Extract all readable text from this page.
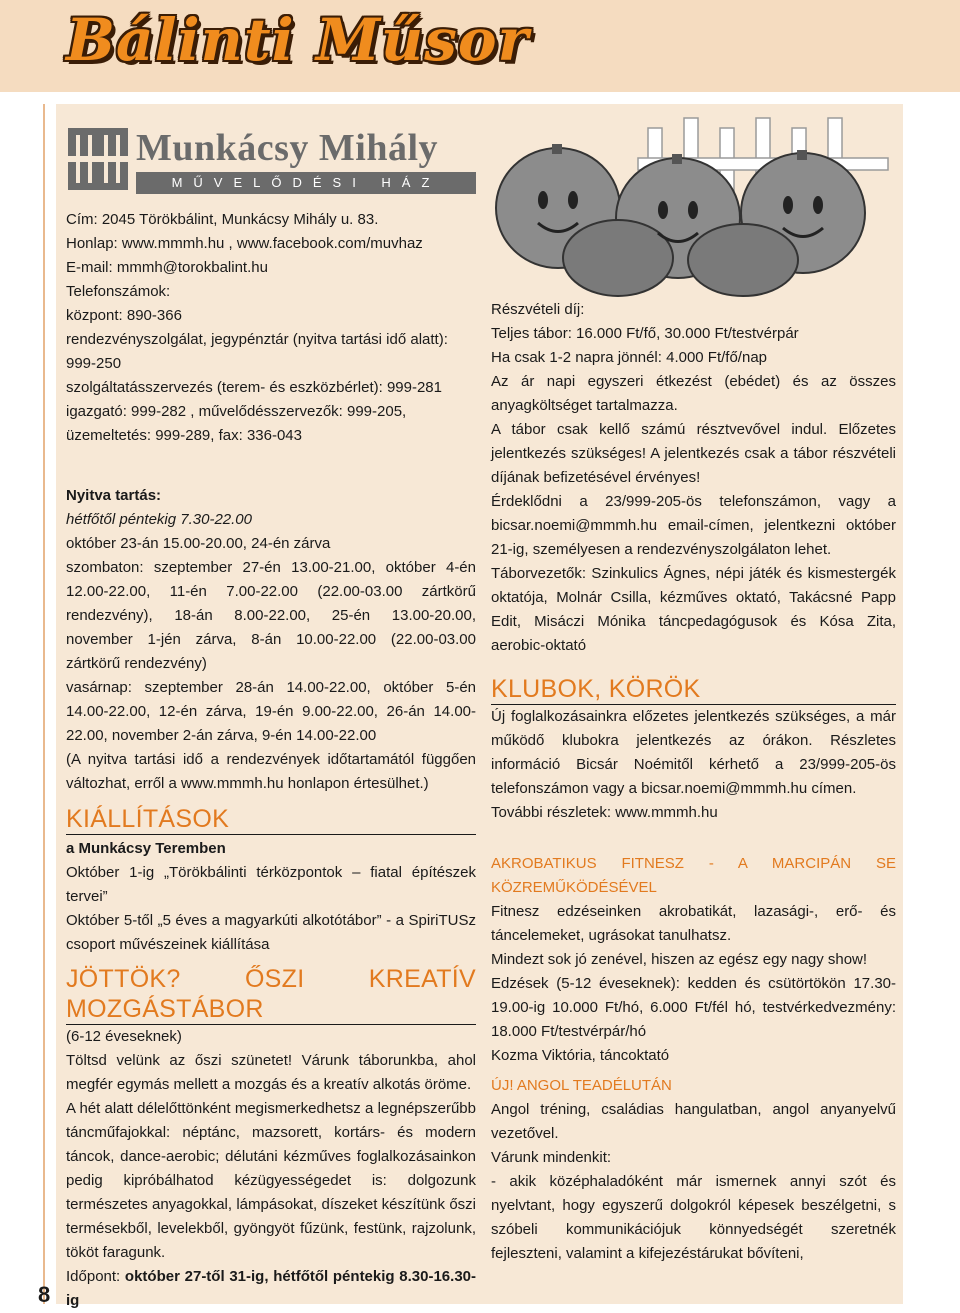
Bálinti Műsor
8
Munkácsy Mihály
MŰVELŐDÉSI HÁZ

Cím: 2045 Törökbálint, Munkácsy Mihály u. 83.

Honlap: www.mmmh.hu , www.facebook.com/muvhaz

E-mail: mmmh@torokbalint.hu

Telefonszámok:

központ: 890-366

rendezvényszolgálat, jegypénztár (nyitva tartási idő alatt):

999-250

szolgáltatásszervezés (terem- és eszközbérlet): 999-281

igazgató: 999-282 , művelődésszervezők: 999-205,

üzemeltetés: 999-289, fax: 336-043

Nyitva tartás:

hétfőtől péntekig 7.30-22.00

október 23-án 15.00-20.00, 24-én zárva

szombaton: szeptember 27-én 13.00-21.00, október 4-én 12.00-22.00, 11-én 7.00-22.00 (22.00-03.00 zártkörű rendezvény), 18-án 8.00-22.00, 25-én 13.00-20.00, november 1-jén zárva, 8-án 10.00-22.00 (22.00-03.00 zártkörű rendezvény)

vasárnap: szeptember 28-án 14.00-22.00, október 5-én 14.00-22.00, 12-én zárva, 19-én 9.00-22.00, 26-án 14.00-22.00, november 2-án zárva, 9-én 14.00-22.00

(A nyitva tartási idő a rendezvények időtartamától függően változhat, erről a www.mmmh.hu honlapon értesülhet.)

KIÁLLÍTÁSOK

a Munkácsy Teremben

Október 1-ig „Törökbálinti térközpontok – fiatal építészek tervei”

Október 5-től „5 éves a magyarkúti alkotótábor” - a SpiriTUSz csoport művészeinek kiállítása

JÖTTÖK? ŐSZI KREATÍV MOZGÁSTÁBOR

(6-12 éveseknek)

Töltsd velünk az őszi szünetet! Várunk táborunkba, ahol megfér egymás mellett a mozgás és a kreatív alkotás öröme.

A hét alatt délelőttönként megismerkedhetsz a legnépszerűbb táncműfajokkal: néptánc, mazsorett, kortárs- és modern táncok, dance-aerobic; délutáni kézműves foglalkozásainkon pedig kipróbálhatod kézügyességedet is: dolgozunk természetes anyagokkal, lámpásokat, díszeket készítünk őszi termésekből, levelekből, gyöngyöt fűzünk, festünk, rajzolunk, tököt faragunk.

Időpont: október 27-től 31-ig, hétfőtől péntekig 8.30-16.30-ig

Részvételi díj:

Teljes tábor: 16.000 Ft/fő, 30.000 Ft/testvérpár

Ha csak 1-2 napra jönnél: 4.000 Ft/fő/nap

Az ár napi egyszeri étkezést (ebédet) és az összes anyagköltséget tartalmazza.

A tábor csak kellő számú résztvevővel indul. Előzetes jelentkezés szükséges! A jelentkezés csak a tábor részvételi díjának befizetésével érvényes!

Érdeklődni a 23/999-205-ös telefonszámon, vagy a bicsar.noemi@mmmh.hu email-címen, jelentkezni október 21-ig, személyesen a rendezvényszolgálaton lehet.

Táborvezetők: Szinkulics Ágnes, népi játék és kismestergék oktatója, Molnár Csilla, kézműves oktató, Takácsné Papp Edit, Misáczi Mónika táncpedagógusok és Kósa Zita, aerobic-oktató

KLUBOK, KÖRÖK

Új foglalkozásainkra előzetes jelentkezés szükséges, a már működő klubokra jelentkezés az órákon. Részletes információ Bicsár Noémitől kérhető a 23/999-205-ös telefonszámon vagy a bicsar.noemi@mmmh.hu címen.

További részletek: www.mmmh.hu

AKROBATIKUS FITNESZ - A MARCIPÁN SE KÖZREMŰKÖDÉSÉVEL

Fitnesz edzéseinken akrobatikát, lazasági-, erő- és táncelemeket, ugrásokat tanulhatsz.

Mindezt sok jó zenével, hiszen az egész egy nagy show!

Edzések (5-12 éveseknek): kedden és csütörtökön 17.30-19.00-ig 10.000 Ft/hó, 6.000 Ft/fél hó, testvérkedvezmény: 18.000 Ft/testvérpár/hó

Kozma Viktória, táncoktató

ÚJ! ANGOL TEADÉLUTÁN

Angol tréning, családias hangulatban, angol anyanyelvű vezetővel.

Várunk mindenkit:

- akik középhaladóként már ismernek annyi szót és nyelvtant, hogy egyszerű dolgokról képesek beszélgetni, s szóbeli kommunikációjuk könnyedségét szeretnék fejleszteni, valamint a kifejezéstárukat bővíteni,
